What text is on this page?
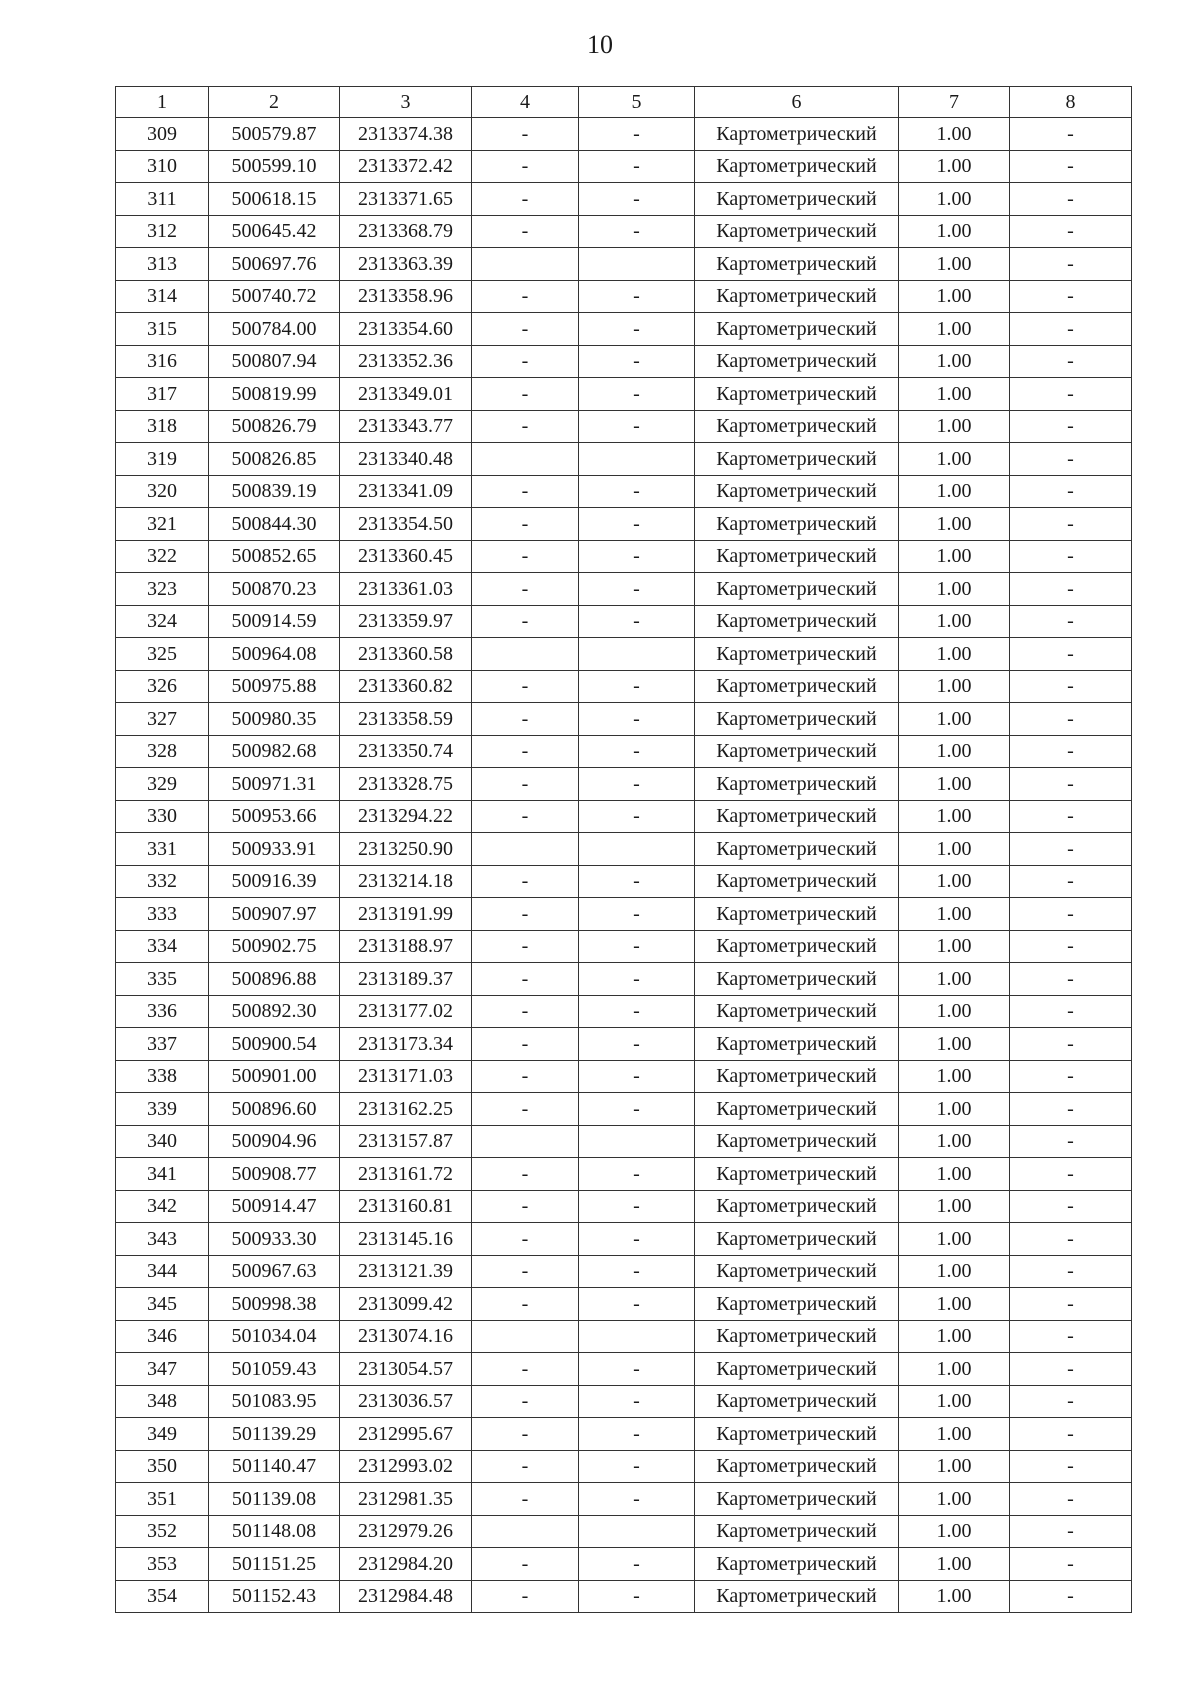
10
1	2	3	4	5	6	7	8
309	500579.87	2313374.38	-	-	Картометрический	1.00	-
310	500599.10	2313372.42	-	-	Картометрический	1.00	-
311	500618.15	2313371.65	-	-	Картометрический	1.00	-
312	500645.42	2313368.79	-	-	Картометрический	1.00	-
313	500697.76	2313363.39			Картометрический	1.00	-
314	500740.72	2313358.96	-	-	Картометрический	1.00	-
315	500784.00	2313354.60	-	-	Картометрический	1.00	-
316	500807.94	2313352.36	-	-	Картометрический	1.00	-
317	500819.99	2313349.01	-	-	Картометрический	1.00	-
318	500826.79	2313343.77	-	-	Картометрический	1.00	-
319	500826.85	2313340.48			Картометрический	1.00	-
320	500839.19	2313341.09	-	-	Картометрический	1.00	-
321	500844.30	2313354.50	-	-	Картометрический	1.00	-
322	500852.65	2313360.45	-	-	Картометрический	1.00	-
323	500870.23	2313361.03	-	-	Картометрический	1.00	-
324	500914.59	2313359.97	-	-	Картометрический	1.00	-
325	500964.08	2313360.58			Картометрический	1.00	-
326	500975.88	2313360.82	-	-	Картометрический	1.00	-
327	500980.35	2313358.59	-	-	Картометрический	1.00	-
328	500982.68	2313350.74	-	-	Картометрический	1.00	-
329	500971.31	2313328.75	-	-	Картометрический	1.00	-
330	500953.66	2313294.22	-	-	Картометрический	1.00	-
331	500933.91	2313250.90			Картометрический	1.00	-
332	500916.39	2313214.18	-	-	Картометрический	1.00	-
333	500907.97	2313191.99	-	-	Картометрический	1.00	-
334	500902.75	2313188.97	-	-	Картометрический	1.00	-
335	500896.88	2313189.37	-	-	Картометрический	1.00	-
336	500892.30	2313177.02	-	-	Картометрический	1.00	-
337	500900.54	2313173.34	-	-	Картометрический	1.00	-
338	500901.00	2313171.03	-	-	Картометрический	1.00	-
339	500896.60	2313162.25	-	-	Картометрический	1.00	-
340	500904.96	2313157.87			Картометрический	1.00	-
341	500908.77	2313161.72	-	-	Картометрический	1.00	-
342	500914.47	2313160.81	-	-	Картометрический	1.00	-
343	500933.30	2313145.16	-	-	Картометрический	1.00	-
344	500967.63	2313121.39	-	-	Картометрический	1.00	-
345	500998.38	2313099.42	-	-	Картометрический	1.00	-
346	501034.04	2313074.16			Картометрический	1.00	-
347	501059.43	2313054.57	-	-	Картометрический	1.00	-
348	501083.95	2313036.57	-	-	Картометрический	1.00	-
349	501139.29	2312995.67	-	-	Картометрический	1.00	-
350	501140.47	2312993.02	-	-	Картометрический	1.00	-
351	501139.08	2312981.35	-	-	Картометрический	1.00	-
352	501148.08	2312979.26			Картометрический	1.00	-
353	501151.25	2312984.20	-	-	Картометрический	1.00	-
354	501152.43	2312984.48	-	-	Картометрический	1.00	-
